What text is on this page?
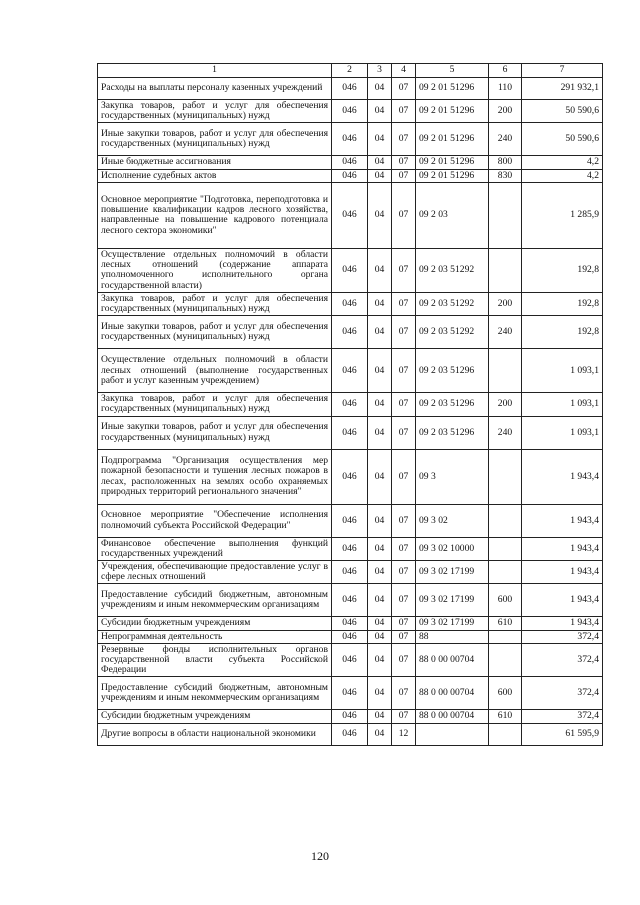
1	2	3	4	5	6	7
Расходы на выплаты персоналу казенных учреждений	046	04	07	09 2 01 51296	110	291 932,1
Закупка товаров, работ и услуг для обеспечения государственных (муниципальных) нужд	046	04	07	09 2 01 51296	200	50 590,6
Иные закупки товаров, работ и услуг для обеспечения государственных (муниципальных) нужд	046	04	07	09 2 01 51296	240	50 590,6
Иные бюджетные ассигнования	046	04	07	09 2 01 51296	800	4,2
Исполнение судебных актов	046	04	07	09 2 01 51296	830	4,2
Основное мероприятие "Подготовка, переподготовка и повышение квалификации кадров лесного хозяйства, направленные на повышение кадрового потенциала лесного сектора экономики"	046	04	07	09 2 03		1 285,9
Осуществление отдельных полномочий в области лесных отношений (содержание аппарата уполномоченного исполнительного органа государственной власти)	046	04	07	09 2 03 51292		192,8
Закупка товаров, работ и услуг для обеспечения государственных (муниципальных) нужд	046	04	07	09 2 03 51292	200	192,8
Иные закупки товаров, работ и услуг для обеспечения государственных (муниципальных) нужд	046	04	07	09 2 03 51292	240	192,8
Осуществление отдельных полномочий в области лесных отношений (выполнение государственных работ и услуг казенным учреждением)	046	04	07	09 2 03 51296		1 093,1
Закупка товаров, работ и услуг для обеспечения государственных (муниципальных) нужд	046	04	07	09 2 03 51296	200	1 093,1
Иные закупки товаров, работ и услуг для обеспечения государственных (муниципальных) нужд	046	04	07	09 2 03 51296	240	1 093,1
Подпрограмма "Организация осуществления мер пожарной безопасности и тушения лесных пожаров в лесах, расположенных на землях особо охраняемых природных территорий регионального значения"	046	04	07	09 3		1 943,4
Основное мероприятие "Обеспечение исполнения полномочий субъекта Российской Федерации"	046	04	07	09 3 02		1 943,4
Финансовое обеспечение выполнения функций государственных учреждений	046	04	07	09 3 02 10000		1 943,4
Учреждения, обеспечивающие предоставление услуг в сфере лесных отношений	046	04	07	09 3 02 17199		1 943,4
Предоставление субсидий бюджетным, автономным учреждениям и иным некоммерческим организациям	046	04	07	09 3 02 17199	600	1 943,4
Субсидии бюджетным учреждениям	046	04	07	09 3 02 17199	610	1 943,4
Непрограммная деятельность	046	04	07	88		372,4
Резервные фонды исполнительных органов государственной власти субъекта Российской Федерации	046	04	07	88 0 00 00704		372,4
Предоставление субсидий бюджетным, автономным учреждениям и иным некоммерческим организациям	046	04	07	88 0 00 00704	600	372,4
Субсидии бюджетным учреждениям	046	04	07	88 0 00 00704	610	372,4
Другие вопросы в области национальной экономики	046	04	12			61 595,9
120
